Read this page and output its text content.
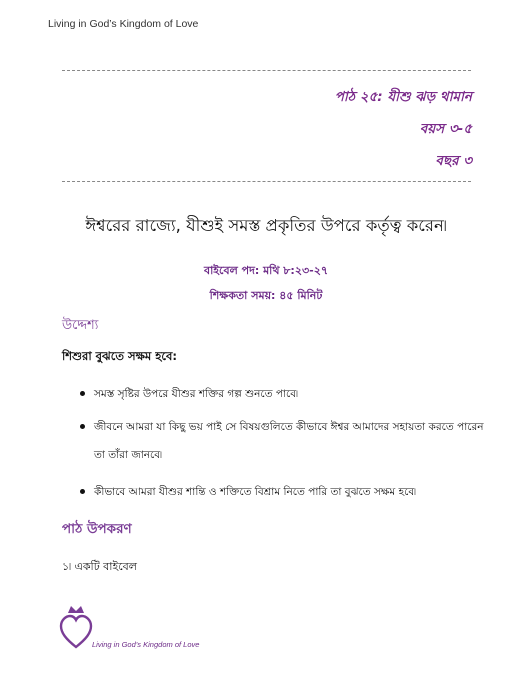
Living in God’s Kingdom of Love
পাঠ ২৫: যীশু ঝড় থামান
বয়স ৩-৫
বছর ৩
ঈশ্বরের রাজ্যে, যীশুই সমস্ত প্রকৃতির উপরে কর্তৃত্ব করেন৷
বাইবেল পদ: মথি ৮:২৩-২৭
শিক্ষকতা সময়: ৪৫ মিনিট
উদ্দেশ্য
শিশুরা বুঝতে সক্ষম হবে:
সমস্ত সৃষ্টির উপরে যীশুর শক্তির গল্প শুনতে পাবে৷
জীবনে আমরা যা কিছু ভয় পাই সে বিষয়গুলিতে কীভাবে ঈশ্বর আমাদের সহায়তা করতে পারেন তা তাঁরা জানবে৷
কীভাবে আমরা যীশুর শান্তি ও শক্তিতে বিশ্রাম নিতে পারি তা বুঝতে সক্ষম হবে৷
পাঠ উপকরণ
১৷ একটি বাইবেল
Living in God’s Kingdom of Love
